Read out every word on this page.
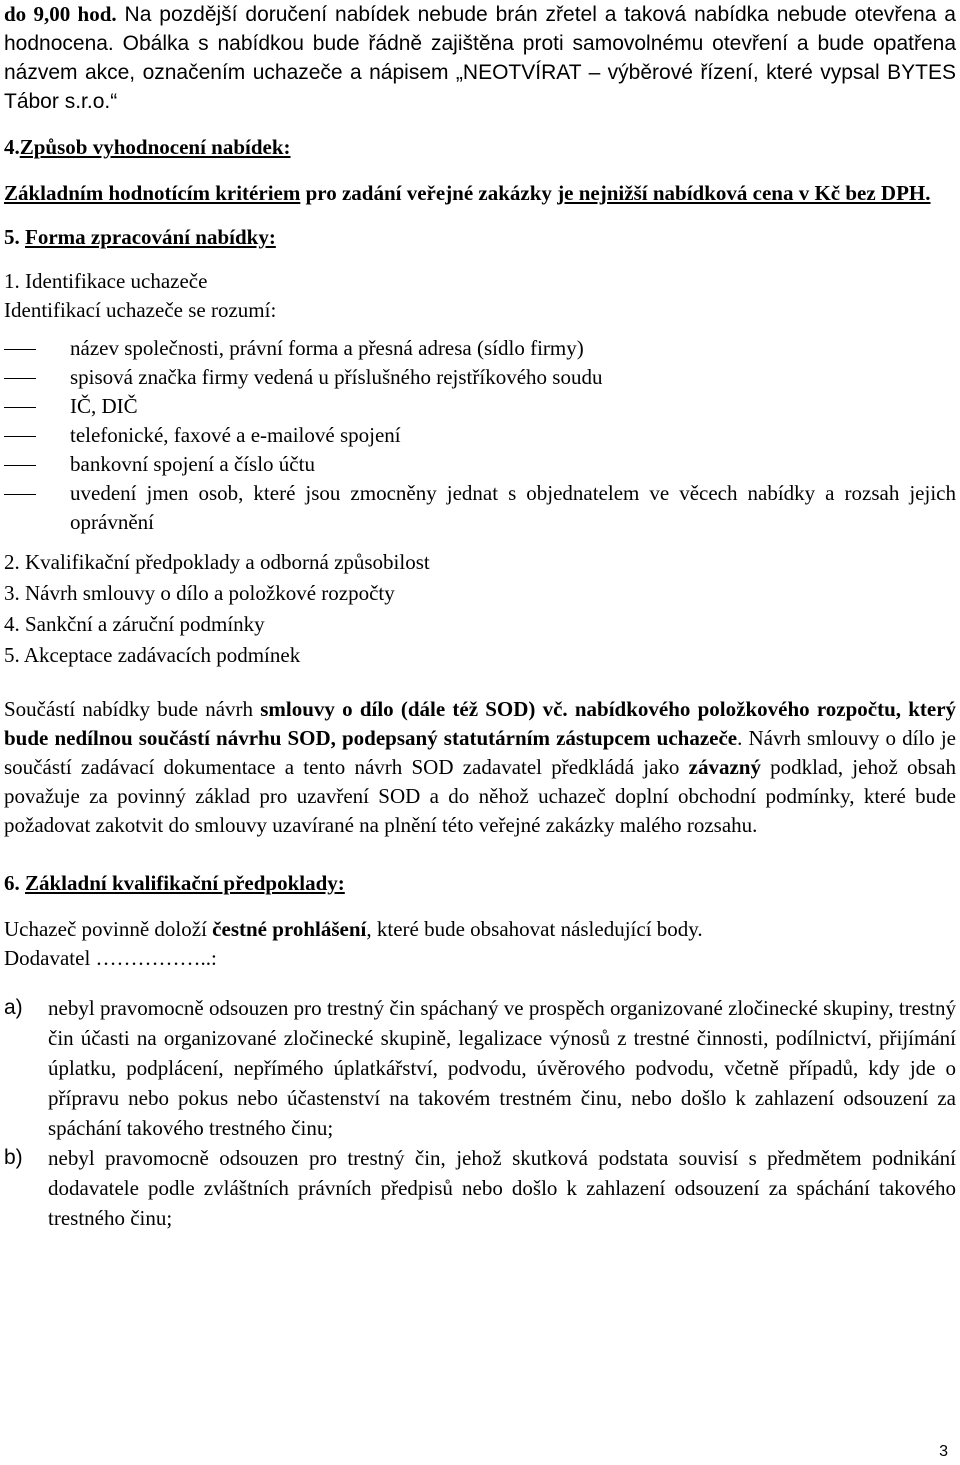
do 9,00 hod. Na pozdější doručení nabídek nebude brán zřetel a taková nabídka nebude otevřena a hodnocena. Obálka s nabídkou bude řádně zajištěna proti samovolnému otevření a bude opatřena názvem akce, označením uchazeče a nápisem „NEOTVÍRAT – výběrové řízení, které vypsal BYTES Tábor s.r.o.“

4.Způsob vyhodnocení nabídek:

Základním hodnotícím kritériem pro zadání veřejné zakázky je nejnižší nabídková cena v Kč bez DPH.

5. Forma zpracování nabídky:

1. Identifikace uchazeče

Identifikací uchazeče se rozumí:

název společnosti, právní forma a přesná adresa (sídlo firmy)
spisová značka firmy vedená u příslušného rejstříkového soudu
IČ, DIČ
telefonické, faxové a e-mailové spojení
bankovní spojení a číslo účtu
uvedení jmen osob, které jsou zmocněny jednat s objednatelem ve věcech nabídky a rozsah jejich oprávnění
2. Kvalifikační předpoklady a odborná způsobilost
3. Návrh smlouvy o dílo a položkové rozpočty
4. Sankční a záruční podmínky
5. Akceptace zadávacích podmínek

Součástí nabídky bude návrh smlouvy o dílo (dále též SOD) vč. nabídkového položkového rozpočtu, který bude nedílnou součástí návrhu SOD, podepsaný statutárním zástupcem uchazeče. Návrh smlouvy o dílo je součástí zadávací dokumentace a tento návrh SOD zadavatel předkládá jako závazný podklad, jehož obsah považuje za povinný základ pro uzavření SOD a do něhož uchazeč doplní obchodní podmínky, které bude požadovat zakotvit do smlouvy uzavírané na plnění této veřejné zakázky malého rozsahu.

6. Základní kvalifikační předpoklady:

Uchazeč povinně doloží čestné prohlášení, které bude obsahovat následující body.

Dodavatel ……………..:

a) nebyl pravomocně odsouzen pro trestný čin spáchaný ve prospěch organizované zločinecké skupiny, trestný čin účasti na organizované zločinecké skupině, legalizace výnosů z trestné činnosti, podílnictví, přijímání úplatku, podplácení, nepřímého úplatkářství, podvodu, úvěrového podvodu, včetně případů, kdy jde o přípravu nebo pokus nebo účastenství na takovém trestném činu, nebo došlo k zahlazení odsouzení za spáchání takového trestného činu;
b) nebyl pravomocně odsouzen pro trestný čin, jehož skutková podstata souvisí s předmětem podnikání dodavatele podle zvláštních právních předpisů nebo došlo k zahlazení odsouzení za spáchání takového trestného činu;
3
